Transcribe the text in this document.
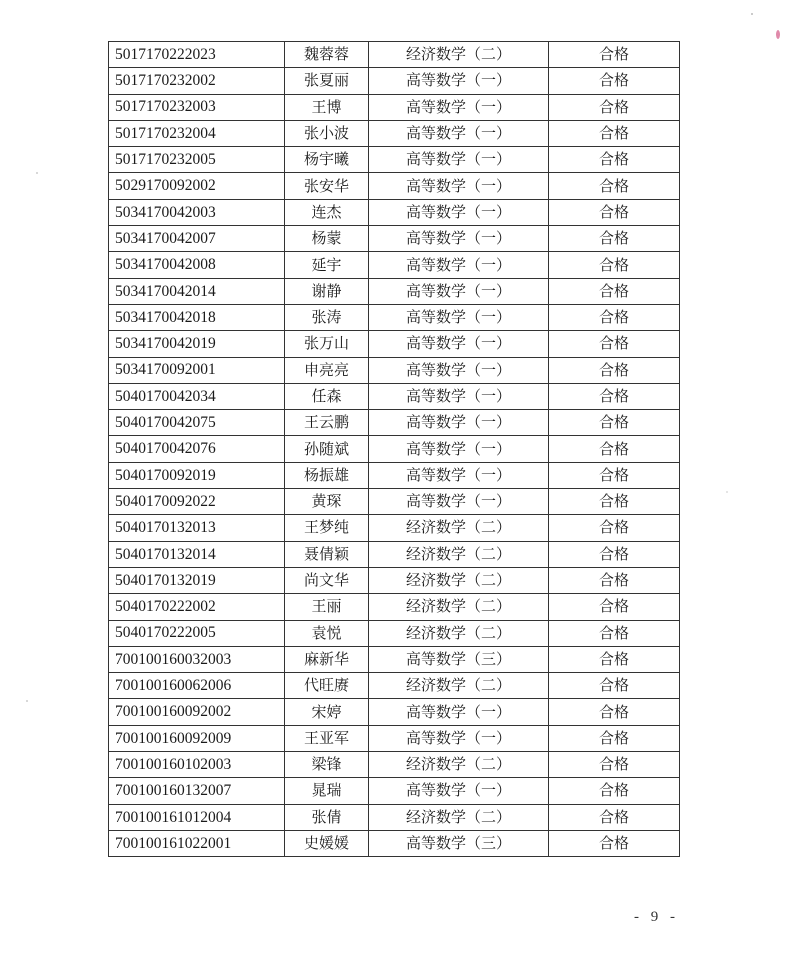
5017170222023	魏蓉蓉	经济数学（二）	合格
5017170232002	张夏丽	高等数学（一）	合格
5017170232003	王博	高等数学（一）	合格
5017170232004	张小波	高等数学（一）	合格
5017170232005	杨宇曦	高等数学（一）	合格
5029170092002	张安华	高等数学（一）	合格
5034170042003	连杰	高等数学（一）	合格
5034170042007	杨蒙	高等数学（一）	合格
5034170042008	延宇	高等数学（一）	合格
5034170042014	谢静	高等数学（一）	合格
5034170042018	张涛	高等数学（一）	合格
5034170042019	张万山	高等数学（一）	合格
5034170092001	申亮亮	高等数学（一）	合格
5040170042034	任森	高等数学（一）	合格
5040170042075	王云鹏	高等数学（一）	合格
5040170042076	孙随斌	高等数学（一）	合格
5040170092019	杨振雄	高等数学（一）	合格
5040170092022	黄琛	高等数学（一）	合格
5040170132013	王梦纯	经济数学（二）	合格
5040170132014	聂倩颖	经济数学（二）	合格
5040170132019	尚文华	经济数学（二）	合格
5040170222002	王丽	经济数学（二）	合格
5040170222005	袁悦	经济数学（二）	合格
700100160032003	麻新华	高等数学（三）	合格
700100160062006	代旺赓	经济数学（二）	合格
700100160092002	宋婷	高等数学（一）	合格
700100160092009	王亚军	高等数学（一）	合格
700100160102003	梁锋	经济数学（二）	合格
700100160132007	晁瑞	高等数学（一）	合格
700100161012004	张倩	经济数学（二）	合格
700100161022001	史媛媛	高等数学（三）	合格
- 9 -
